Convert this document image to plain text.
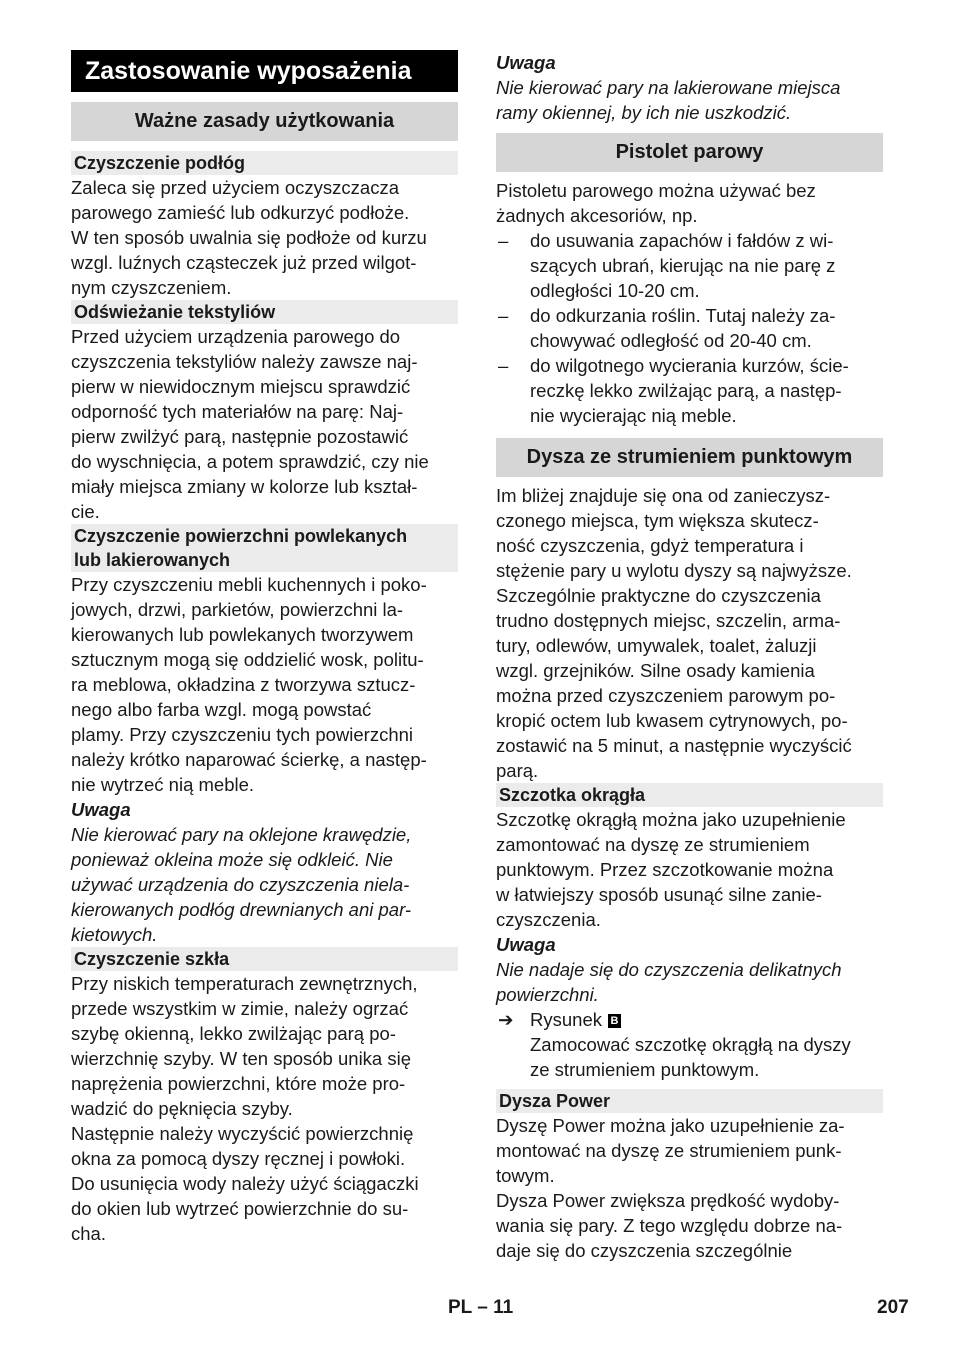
Zastosowanie wyposażenia
Ważne zasady użytkowania
Czyszczenie podłóg
Zaleca się przed użyciem oczyszczacza
parowego zamieść lub odkurzyć podłoże.
W ten sposób uwalnia się podłoże od kurzu
wzgl. luźnych cząsteczek już przed wilgot-
nym czyszczeniem.
Odświeżanie tekstyliów
Przed użyciem urządzenia parowego do
czyszczenia tekstyliów należy zawsze naj-
pierw w niewidocznym miejscu sprawdzić
odporność tych materiałów na parę: Naj-
pierw zwilżyć parą, następnie pozostawić
do wyschnięcia, a potem sprawdzić, czy nie
miały miejsca zmiany w kolorze lub kształ-
cie.
Czyszczenie powierzchni powlekanych
lub lakierowanych
Przy czyszczeniu mebli kuchennych i poko-
jowych, drzwi, parkietów, powierzchni la-
kierowanych lub powlekanych tworzywem
sztucznym mogą się oddzielić wosk, politu-
ra meblowa, okładzina z tworzywa sztucz-
nego albo farba wzgl. mogą powstać
plamy. Przy czyszczeniu tych powierzchni
należy krótko naparować ścierkę, a następ-
nie wytrzeć nią meble.
Uwaga
Nie kierować pary na oklejone krawędzie,
ponieważ okleina może się odkleić. Nie
używać urządzenia do czyszczenia niela-
kierowanych podłóg drewnianych ani par-
kietowych.
Czyszczenie szkła
Przy niskich temperaturach zewnętrznych,
przede wszystkim w zimie, należy ogrzać
szybę okienną, lekko zwilżając parą po-
wierzchnię szyby. W ten sposób unika się
naprężenia powierzchni, które może pro-
wadzić do pęknięcia szyby.
Następnie należy wyczyścić powierzchnię
okna za pomocą dyszy ręcznej i powłoki.
Do usunięcia wody należy użyć ściągaczki
do okien lub wytrzeć powierzchnie do su-
cha.
Uwaga
Nie kierować pary na lakierowane miejsca
ramy okiennej, by ich nie uszkodzić.
Pistolet parowy
Pistoletu parowego można używać bez
żadnych akcesoriów, np.
–	do usuwania zapachów i fałdów z wi-
szących ubrań, kierując na nie parę z
odległości 10-20 cm.
–	do odkurzania roślin. Tutaj należy za-
chowywać odległość od 20-40 cm.
–	do wilgotnego wycierania kurzów, ście-
reczkę lekko zwilżając parą, a następ-
nie wycierając nią meble.
Dysza ze strumieniem punktowym
Im bliżej znajduje się ona od zanieczysz-
czonego miejsca, tym większa skutecz-
ność czyszczenia, gdyż temperatura i
stężenie pary u wylotu dyszy są najwyższe.
Szczególnie praktyczne do czyszczenia
trudno dostępnych miejsc, szczelin, arma-
tury, odlewów, umywalek, toalet, żaluzji
wzgl. grzejników. Silne osady kamienia
można przed czyszczeniem parowym po-
kropić octem lub kwasem cytrynowych, po-
zostawić na 5 minut, a następnie wyczyścić
parą.
Szczotka okrągła
Szczotkę okrągłą można jako uzupełnienie
zamontować na dyszę ze strumieniem
punktowym. Przez szczotkowanie można
w łatwiejszy sposób usunąć silne zanie-
czyszczenia.
Uwaga
Nie nadaje się do czyszczenia delikatnych
powierzchni.
➔ Rysunek B
Zamocować szczotkę okrągłą na dyszy
ze strumieniem punktowym.
Dysza Power
Dyszę Power można jako uzupełnienie za-
montować na dyszę ze strumieniem punk-
towym.
Dysza Power zwiększa prędkość wydoby-
wania się pary. Z tego względu dobrze na-
daje się do czyszczenia szczególnie
PL – 11	207
